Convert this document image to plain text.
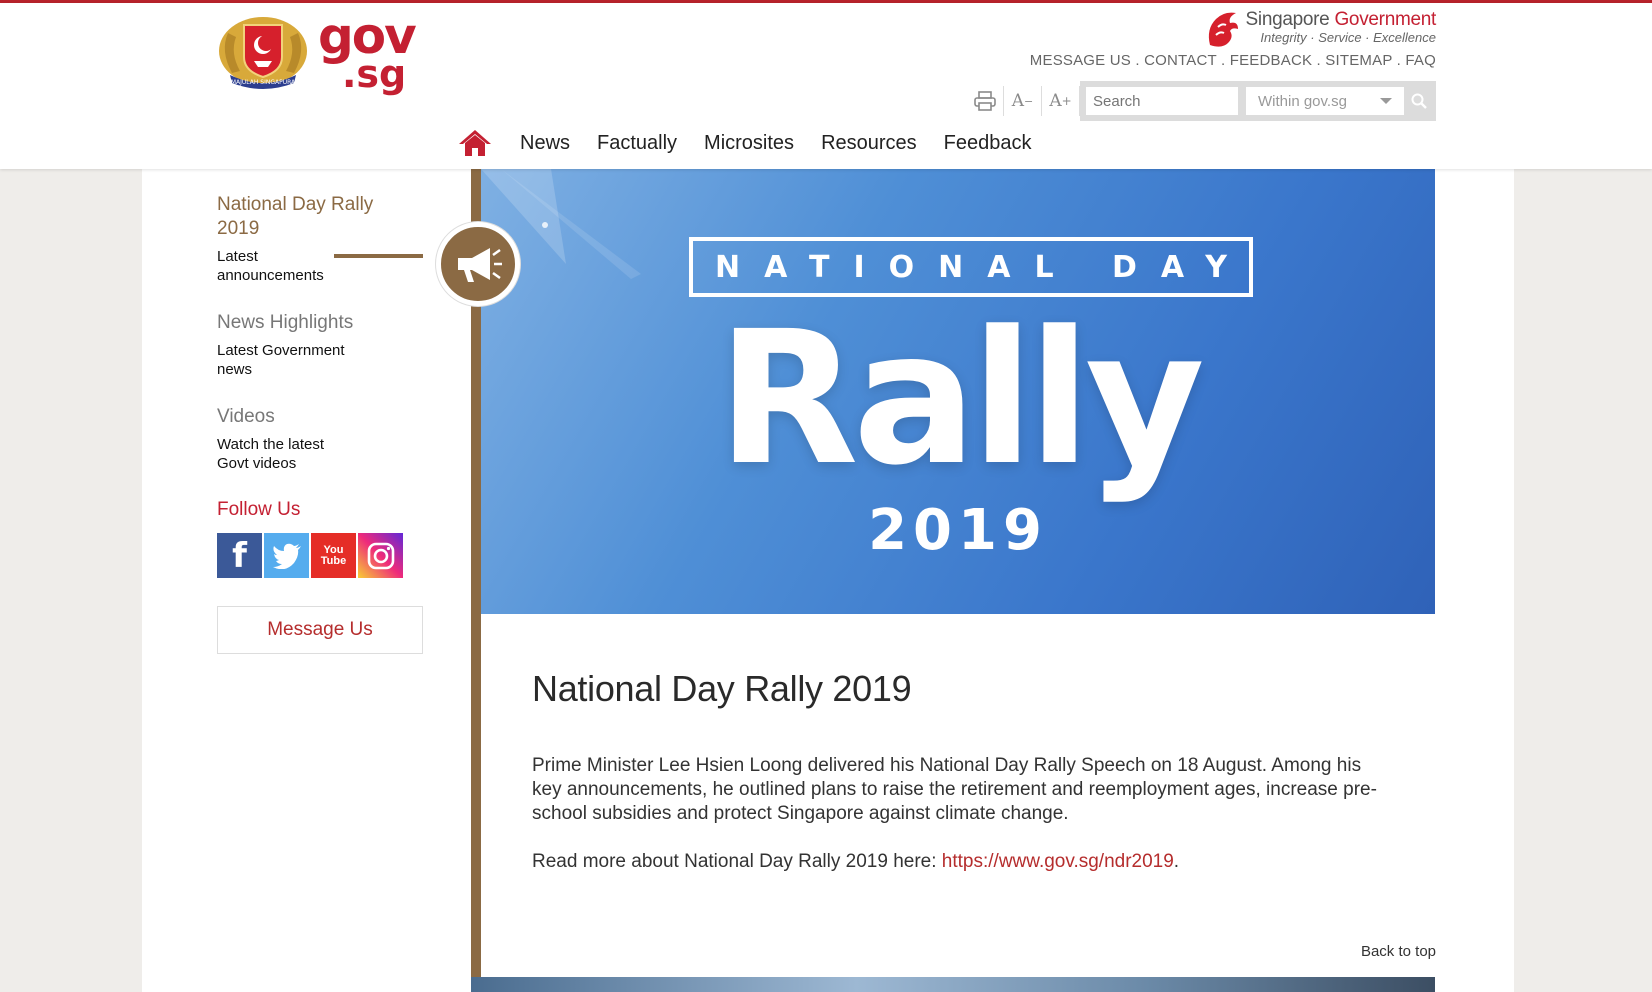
MAJULAH SINGAPURA
gov
.sg
Singapore Government
Integrity · Service · Excellence
MESSAGE US . CONTACT . FEEDBACK . SITEMAP . FAQ
A − A +
Search	Within gov.sg
News Factually Microsites Resources Feedback
National Day Rally 2019
Latest announcements
News Highlights
Latest Government news
Videos
Watch the latest Govt videos
Follow Us
f	You Tube
Message Us
NATIONAL DAY
Rally
2019
National Day Rally 2019

Prime Minister Lee Hsien Loong delivered his National Day Rally Speech on 18 August. Among his key announcements, he outlined plans to raise the retirement and reemployment ages, increase pre-school subsidies and protect Singapore against climate change.

Read more about National Day Rally 2019 here: https://www.gov.sg/ndr2019.

Back to top
